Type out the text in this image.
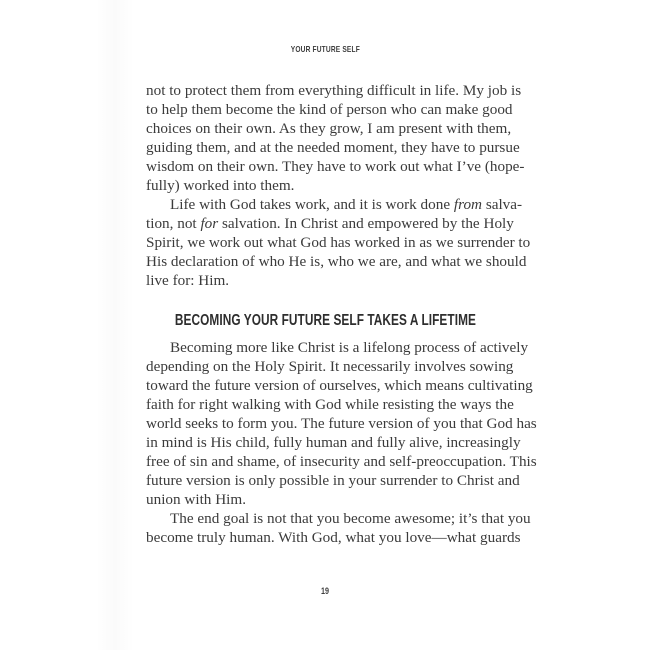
YOUR FUTURE SELF
not to protect them from everything difficult in life. My job is
to help them become the kind of person who can make good
choices on their own. As they grow, I am present with them,
guiding them, and at the needed moment, they have to pursue
wisdom on their own. They have to work out what I’ve (hope-
fully) worked into them.
Life with God takes work, and it is work done from salva-
tion, not for salvation. In Christ and empowered by the Holy
Spirit, we work out what God has worked in as we surrender to
His declaration of who He is, who we are, and what we should
live for: Him.
BECOMING YOUR FUTURE SELF TAKES A LIFETIME
Becoming more like Christ is a lifelong process of actively
depending on the Holy Spirit. It necessarily involves sowing
toward the future version of ourselves, which means cultivating
faith for right walking with God while resisting the ways the
world seeks to form you. The future version of you that God has
in mind is His child, fully human and fully alive, increasingly
free of sin and shame, of insecurity and self-preoccupation. This
future version is only possible in your surrender to Christ and
union with Him.
The end goal is not that you become awesome; it’s that you
become truly human. With God, what you love—what guards
19
